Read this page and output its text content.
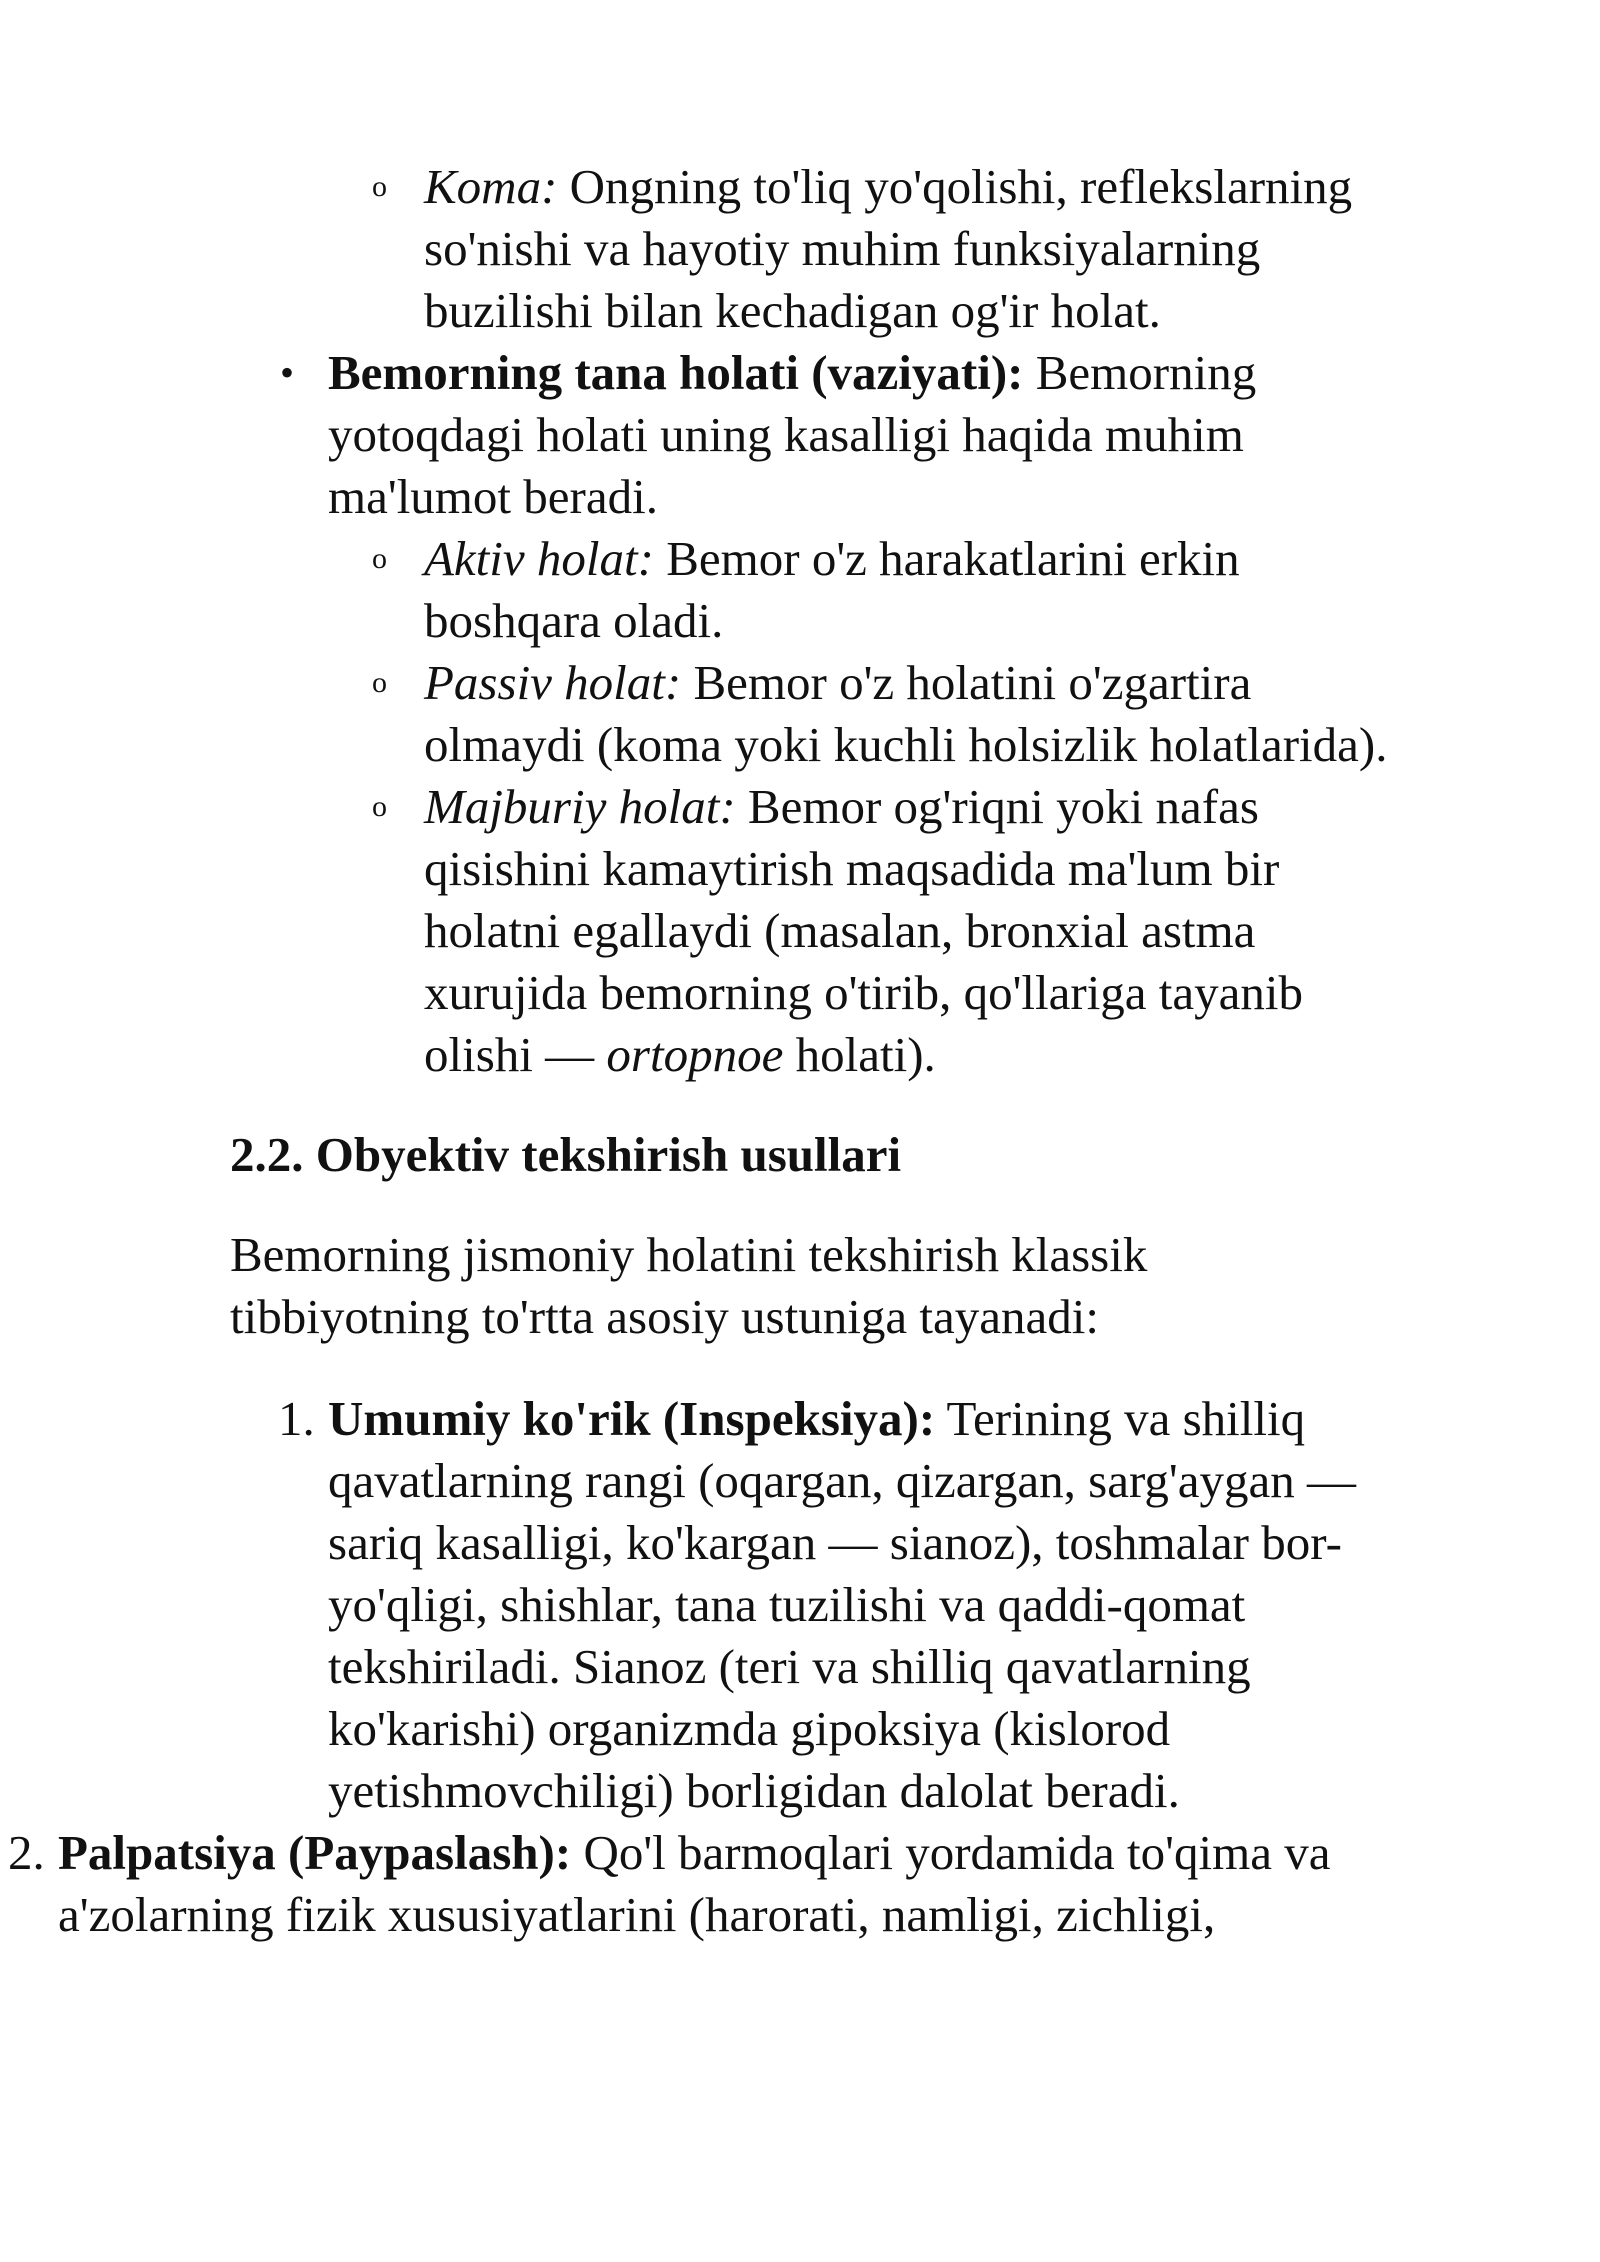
o Koma: Ongning to'liq yo'qolishi, reflekslarning
so'nishi va hayotiy muhim funksiyalarning
buzilishi bilan kechadigan og'ir holat.
• Bemorning tana holati (vaziyati): Bemorning
yotoqdagi holati uning kasalligi haqida muhim
ma'lumot beradi.
o Aktiv holat: Bemor o'z harakatlarini erkin
boshqara oladi.
o Passiv holat: Bemor o'z holatini o'zgartira
olmaydi (koma yoki kuchli holsizlik holatlarida).
o Majburiy holat: Bemor og'riqni yoki nafas
qisishini kamaytirish maqsadida ma'lum bir
holatni egallaydi (masalan, bronxial astma
xurujida bemorning o'tirib, qo'llariga tayanib
olishi — ortopnoe holati).
2.2. Obyektiv tekshirish usullari
Bemorning jismoniy holatini tekshirish klassik
tibbiyotning to'rtta asosiy ustuniga tayanadi:
1. Umumiy ko'rik (Inspeksiya): Terining va shilliq
qavatlarning rangi (oqargan, qizargan, sarg'aygan —
sariq kasalligi, ko'kargan — sianoz), toshmalar bor-
yo'qligi, shishlar, tana tuzilishi va qaddi-qomat
tekshiriladi. Sianoz (teri va shilliq qavatlarning
ko'karishi) organizmda gipoksiya (kislorod
yetishmovchiligi) borligidan dalolat beradi.
2. Palpatsiya (Paypaslash): Qo'l barmoqlari yordamida to'qima va
a'zolarning fizik xususiyatlarini (harorati, namligi, zichligi,
